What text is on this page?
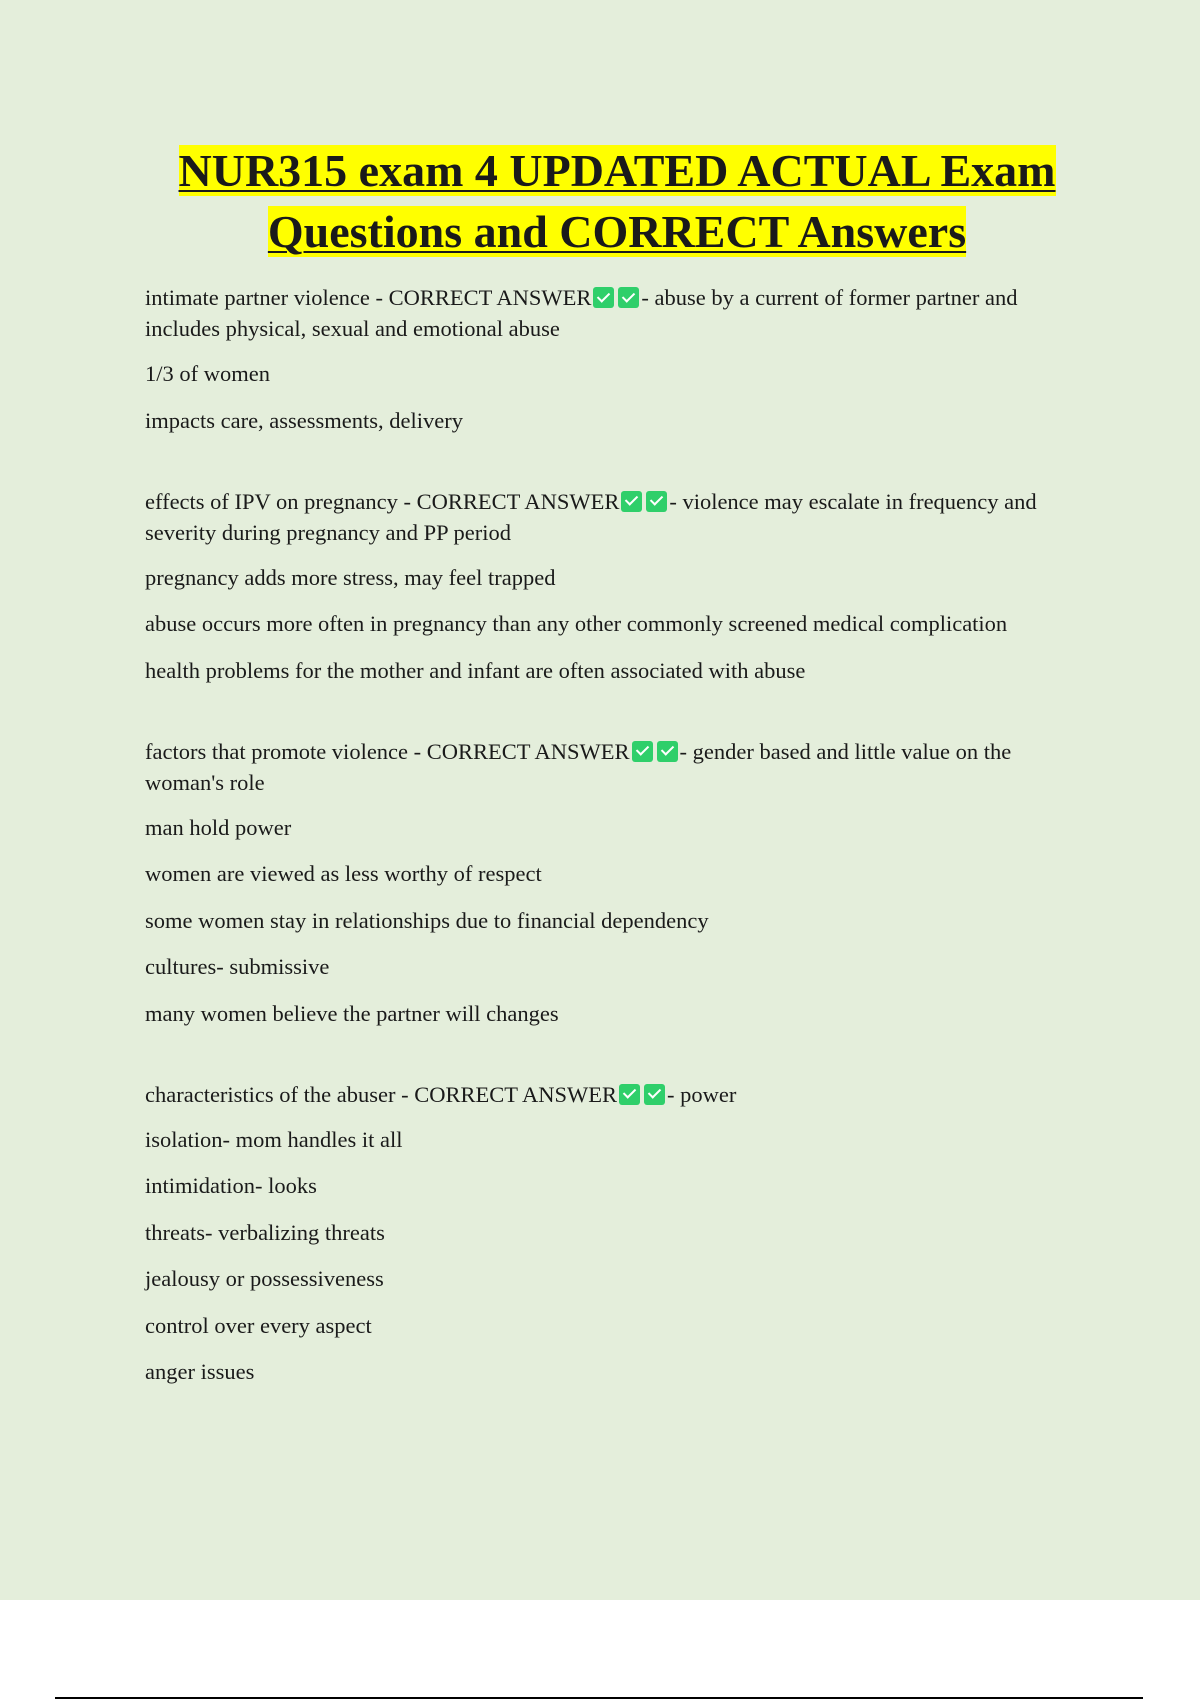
NUR315 exam 4 UPDATED ACTUAL Exam Questions and CORRECT Answers
intimate partner violence - CORRECT ANSWER - abuse by a current of former partner and includes physical, sexual and emotional abuse
1/3 of women
impacts care, assessments, delivery
effects of IPV on pregnancy - CORRECT ANSWER - violence may escalate in frequency and severity during pregnancy and PP period
pregnancy adds more stress, may feel trapped
abuse occurs more often in pregnancy than any other commonly screened medical complication
health problems for the mother and infant are often associated with abuse
factors that promote violence - CORRECT ANSWER - gender based and little value on the woman's role
man hold power
women are viewed as less worthy of respect
some women stay in relationships due to financial dependency
cultures- submissive
many women believe the partner will changes
characteristics of the abuser - CORRECT ANSWER - power
isolation- mom handles it all
intimidation- looks
threats- verbalizing threats
jealousy or possessiveness
control over every aspect
anger issues
